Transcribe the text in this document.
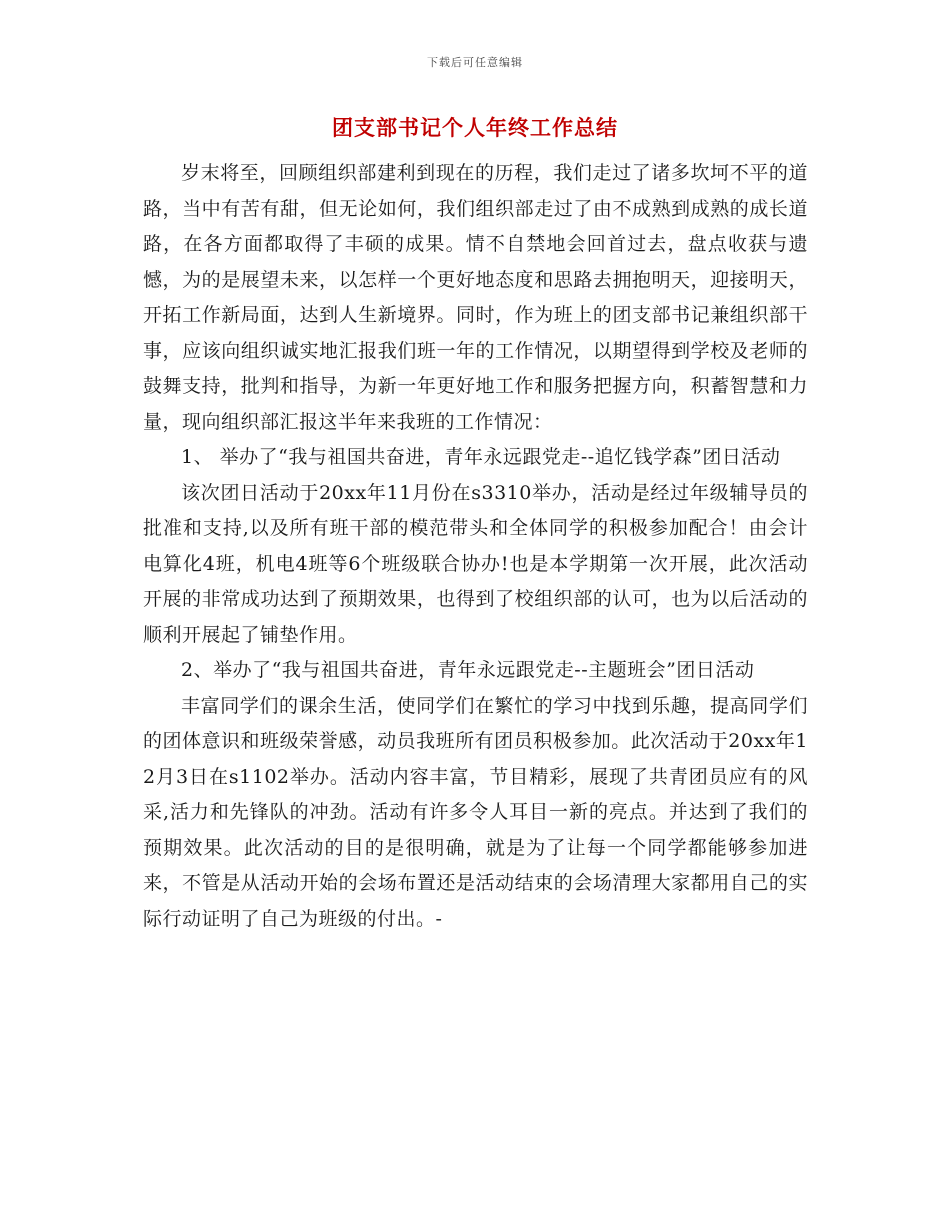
下载后可任意编辑
团支部书记个人年终工作总结

岁末将至，回顾组织部建利到现在的历程，我们走过了诸多坎坷不平的道路，当中有苦有甜，但无论如何，我们组织部走过了由不成熟到成熟的成长道路，在各方面都取得了丰硕的成果。情不自禁地会回首过去，盘点收获与遗憾，为的是展望未来，以怎样一个更好地态度和思路去拥抱明天，迎接明天，开拓工作新局面，达到人生新境界。同时，作为班上的团支部书记兼组织部干事，应该向组织诚实地汇报我们班一年的工作情况，以期望得到学校及老师的鼓舞支持，批判和指导，为新一年更好地工作和服务把握方向，积蓄智慧和力量，现向组织部汇报这半年来我班的工作情况：

1、 举办了“我与祖国共奋进，青年永远跟党走--追忆钱学森”团日活动

该次团日活动于20xx年11月份在s3310举办，活动是经过年级辅导员的批准和支持,以及所有班干部的模范带头和全体同学的积极参加配合！由会计电算化4班，机电4班等6个班级联合协办!也是本学期第一次开展，此次活动开展的非常成功达到了预期效果，也得到了校组织部的认可，也为以后活动的顺利开展起了铺垫作用。

2、举办了“我与祖国共奋进，青年永远跟党走--主题班会”团日活动

丰富同学们的课余生活，使同学们在繁忙的学习中找到乐趣，提高同学们的团体意识和班级荣誉感，动员我班所有团员积极参加。此次活动于20xx年12月3日在s1102举办。活动内容丰富，节目精彩，展现了共青团员应有的风采,活力和先锋队的冲劲。活动有许多令人耳目一新的亮点。并达到了我们的预期效果。此次活动的目的是很明确，就是为了让每一个同学都能够参加进来，不管是从活动开始的会场布置还是活动结束的会场清理大家都用自己的实际行动证明了自己为班级的付出。-
